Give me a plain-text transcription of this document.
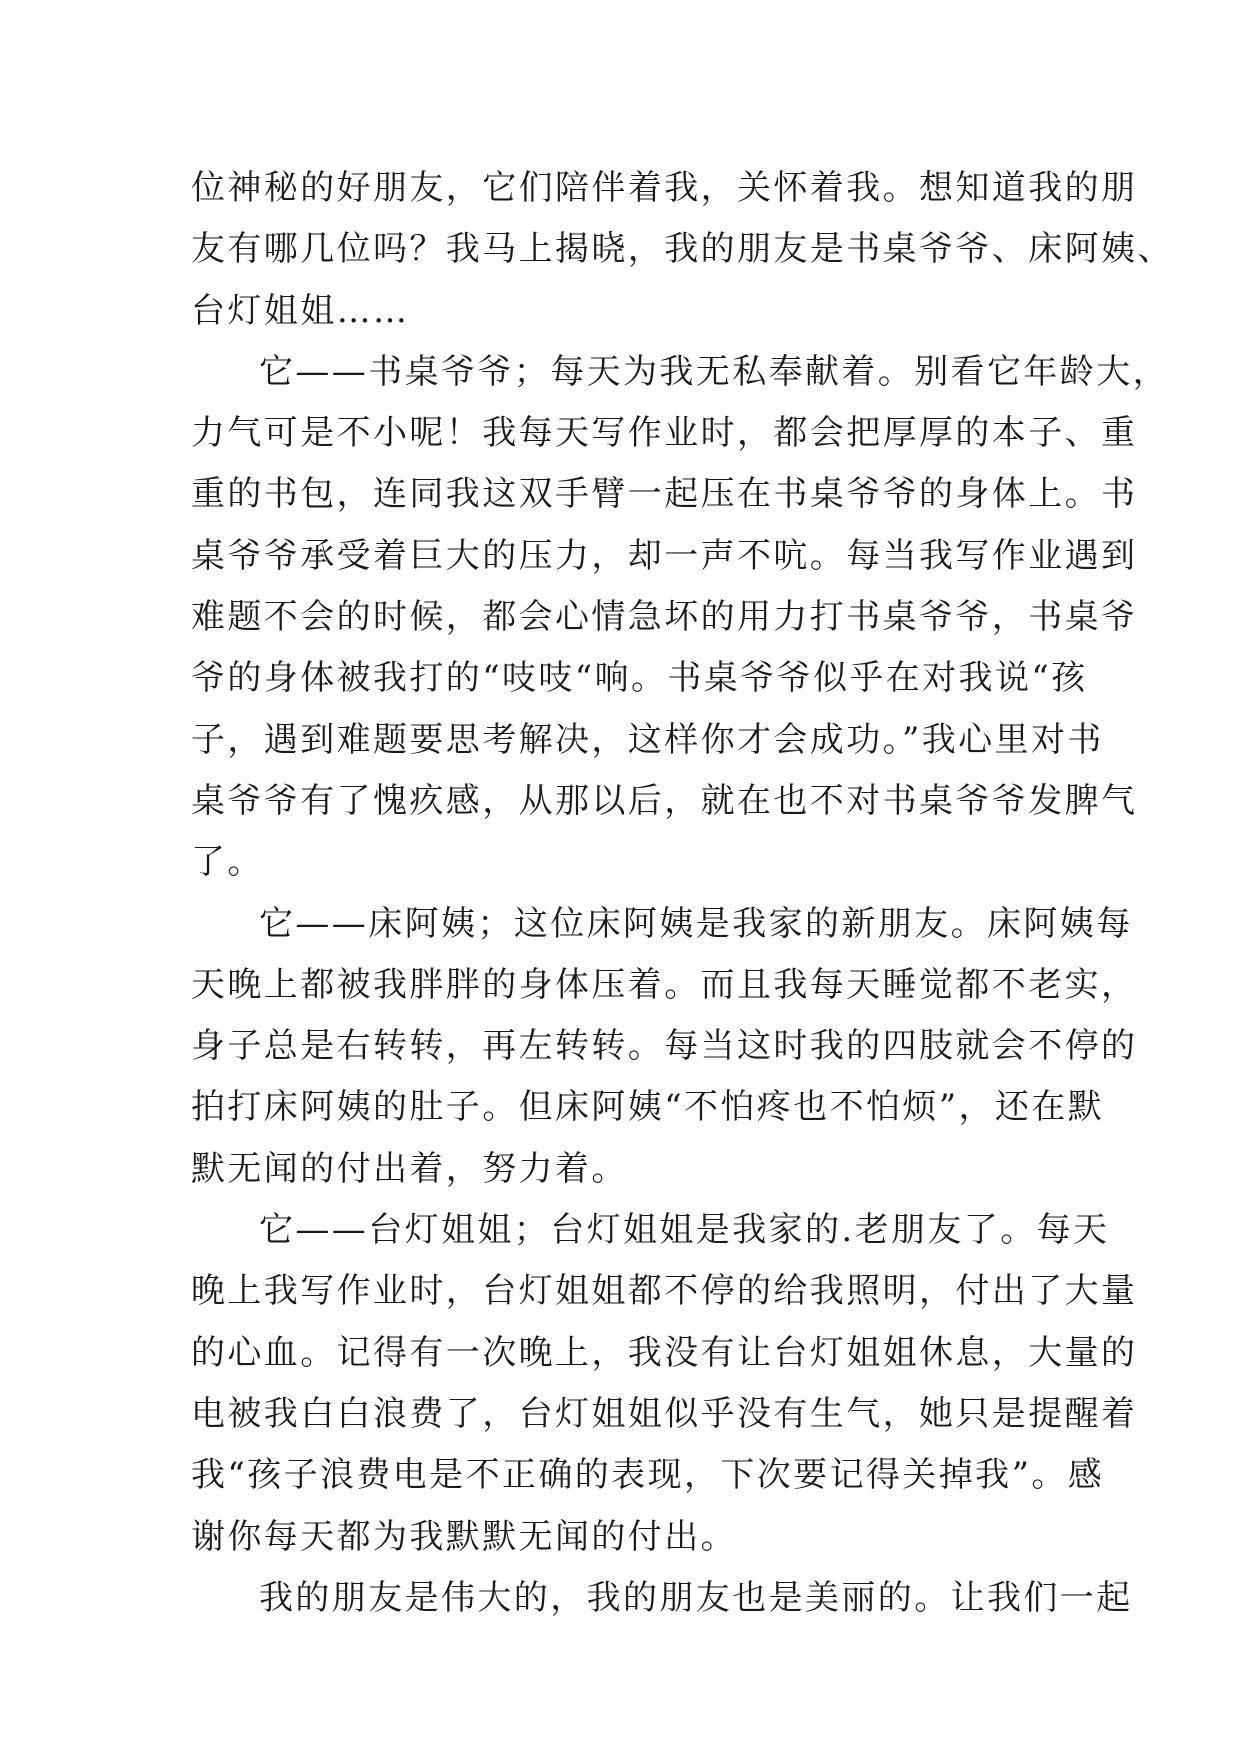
位神秘的好朋友，它们陪伴着我，关怀着我。想知道我的朋
友有哪几位吗？我马上揭晓，我的朋友是书桌爷爷、床阿姨、
台灯姐姐……
它——书桌爷爷；每天为我无私奉献着。别看它年龄大，
力气可是不小呢！我每天写作业时，都会把厚厚的本子、重
重的书包，连同我这双手臂一起压在书桌爷爷的身体上。书
桌爷爷承受着巨大的压力，却一声不吭。每当我写作业遇到
难题不会的时候，都会心情急坏的用力打书桌爷爷，书桌爷
爷的身体被我打的“吱吱“响。书桌爷爷似乎在对我说“孩
子，遇到难题要思考解决，这样你才会成功。”我心里对书
桌爷爷有了愧疚感，从那以后，就在也不对书桌爷爷发脾气
了。
它——床阿姨；这位床阿姨是我家的新朋友。床阿姨每
天晚上都被我胖胖的身体压着。而且我每天睡觉都不老实，
身子总是右转转，再左转转。每当这时我的四肢就会不停的
拍打床阿姨的肚子。但床阿姨“不怕疼也不怕烦”，还在默
默无闻的付出着，努力着。
它——台灯姐姐；台灯姐姐是我家的.老朋友了。每天
晚上我写作业时，台灯姐姐都不停的给我照明，付出了大量
的心血。记得有一次晚上，我没有让台灯姐姐休息，大量的
电被我白白浪费了，台灯姐姐似乎没有生气，她只是提醒着
我“孩子浪费电是不正确的表现，下次要记得关掉我”。感
谢你每天都为我默默无闻的付出。
我的朋友是伟大的，我的朋友也是美丽的。让我们一起
